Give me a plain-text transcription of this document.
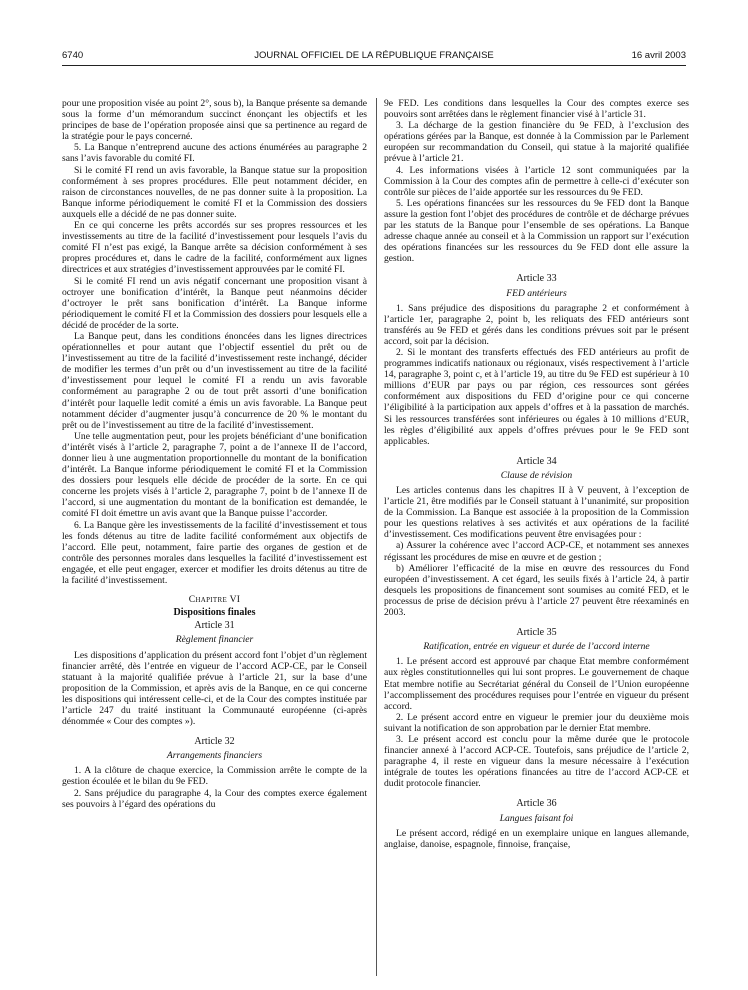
6740	JOURNAL OFFICIEL DE LA RÉPUBLIQUE FRANÇAISE	16 avril 2003

pour une proposition visée au point 2°, sous b), la Banque présente sa demande sous la forme d’un mémorandum succinct énonçant les objectifs et les principes de base de l’opération proposée ainsi que sa pertinence au regard de la stratégie pour le pays concerné.

5. La Banque n’entreprend aucune des actions énumérées au paragraphe 2 sans l’avis favorable du comité FI.

Si le comité FI rend un avis favorable, la Banque statue sur la proposition conformément à ses propres procédures. Elle peut notamment décider, en raison de circonstances nouvelles, de ne pas donner suite à la proposition. La Banque informe périodiquement le comité FI et la Commission des dossiers auxquels elle a décidé de ne pas donner suite.

En ce qui concerne les prêts accordés sur ses propres ressources et les investissements au titre de la facilité d’investissement pour lesquels l’avis du comité FI n’est pas exigé, la Banque arrête sa décision conformément à ses propres procédures et, dans le cadre de la facilité, conformément aux lignes directrices et aux stratégies d’investissement approuvées par le comité FI.

Si le comité FI rend un avis négatif concernant une proposition visant à octroyer une bonification d’intérêt, la Banque peut néanmoins décider d’octroyer le prêt sans bonification d’intérêt. La Banque informe périodiquement le comité FI et la Commission des dossiers pour lesquels elle a décidé de procéder de la sorte.

La Banque peut, dans les conditions énoncées dans les lignes directrices opérationnelles et pour autant que l’objectif essentiel du prêt ou de l’investissement au titre de la facilité d’investissement reste inchangé, décider de modifier les termes d’un prêt ou d’un investissement au titre de la facilité d’investissement pour lequel le comité FI a rendu un avis favorable conformément au paragraphe 2 ou de tout prêt assorti d’une bonification d’intérêt pour laquelle ledit comité a émis un avis favorable. La Banque peut notamment décider d’augmenter jusqu’à concurrence de 20 % le montant du prêt ou de l’investissement au titre de la facilité d’investissement.

Une telle augmentation peut, pour les projets bénéficiant d’une bonification d’intérêt visés à l’article 2, paragraphe 7, point a de l’annexe II de l’accord, donner lieu à une augmentation proportionnelle du montant de la bonification d’intérêt. La Banque informe périodiquement le comité FI et la Commission des dossiers pour lesquels elle décide de procéder de la sorte. En ce qui concerne les projets visés à l’article 2, paragraphe 7, point b de l’annexe II de l’accord, si une augmentation du montant de la bonification est demandée, le comité FI doit émettre un avis avant que la Banque puisse l’accorder.

6. La Banque gère les investissements de la facilité d’investissement et tous les fonds détenus au titre de ladite facilité conformément aux objectifs de l’accord. Elle peut, notamment, faire partie des organes de gestion et de contrôle des personnes morales dans lesquelles la facilité d’investissement est engagée, et elle peut engager, exercer et modifier les droits détenus au titre de la facilité d’investissement.

Chapitre VI

Dispositions finales

Article 31

Règlement financier

Les dispositions d’application du présent accord font l’objet d’un règlement financier arrêté, dès l’entrée en vigueur de l’accord ACP-CE, par le Conseil statuant à la majorité qualifiée prévue à l’article 21, sur la base d’une proposition de la Commission, et après avis de la Banque, en ce qui concerne les dispositions qui intéressent celle-ci, et de la Cour des comptes instituée par l’article 247 du traité instituant la Communauté européenne (ci-après dénommée « Cour des comptes »).

Article 32

Arrangements financiers

1. A la clôture de chaque exercice, la Commission arrête le compte de la gestion écoulée et le bilan du 9e FED.

2. Sans préjudice du paragraphe 4, la Cour des comptes exerce également ses pouvoirs à l’égard des opérations du

9e FED. Les conditions dans lesquelles la Cour des comptes exerce ses pouvoirs sont arrêtées dans le règlement financier visé à l’article 31.

3. La décharge de la gestion financière du 9e FED, à l’exclusion des opérations gérées par la Banque, est donnée à la Commission par le Parlement européen sur recommandation du Conseil, qui statue à la majorité qualifiée prévue à l’article 21.

4. Les informations visées à l’article 12 sont communiquées par la Commission à la Cour des comptes afin de permettre à celle-ci d’exécuter son contrôle sur pièces de l’aide apportée sur les ressources du 9e FED.

5. Les opérations financées sur les ressources du 9e FED dont la Banque assure la gestion font l’objet des procédures de contrôle et de décharge prévues par les statuts de la Banque pour l’ensemble de ses opérations. La Banque adresse chaque année au conseil et à la Commission un rapport sur l’exécution des opérations financées sur les ressources du 9e FED dont elle assure la gestion.

Article 33

FED antérieurs

1. Sans préjudice des dispositions du paragraphe 2 et conformément à l’article 1er, paragraphe 2, point b, les reliquats des FED antérieurs sont transférés au 9e FED et gérés dans les conditions prévues soit par le présent accord, soit par la décision.

2. Si le montant des transferts effectués des FED antérieurs au profit de programmes indicatifs nationaux ou régionaux, visés respectivement à l’article 14, paragraphe 3, point c, et à l’article 19, au titre du 9e FED est supérieur à 10 millions d’EUR par pays ou par région, ces ressources sont gérées conformément aux dispositions du FED d’origine pour ce qui concerne l’éligibilité à la participation aux appels d’offres et à la passation de marchés. Si les ressources transférées sont inférieures ou égales à 10 millions d’EUR, les règles d’éligibilité aux appels d’offres prévues pour le 9e FED sont applicables.

Article 34

Clause de révision

Les articles contenus dans les chapitres II à V peuvent, à l’exception de l’article 21, être modifiés par le Conseil statuant à l’unanimité, sur proposition de la Commission. La Banque est associée à la proposition de la Commission pour les questions relatives à ses activités et aux opérations de la facilité d’investissement. Ces modifications peuvent être envisagées pour :

a) Assurer la cohérence avec l’accord ACP-CE, et notamment ses annexes régissant les procédures de mise en œuvre et de gestion ;

b) Améliorer l’efficacité de la mise en œuvre des ressources du Fond européen d’investissement. A cet égard, les seuils fixés à l’article 24, à partir desquels les propositions de financement sont soumises au comité FED, et le processus de prise de décision prévu à l’article 27 peuvent être réexaminés en 2003.

Article 35

Ratification, entrée en vigueur et durée de l’accord interne

1. Le présent accord est approuvé par chaque Etat membre conformément aux règles constitutionnelles qui lui sont propres. Le gouvernement de chaque Etat membre notifie au Secrétariat général du Conseil de l’Union européenne l’accomplissement des procédures requises pour l’entrée en vigueur du présent accord.

2. Le présent accord entre en vigueur le premier jour du deuxième mois suivant la notification de son approbation par le dernier Etat membre.

3. Le présent accord est conclu pour la même durée que le protocole financier annexé à l’accord ACP-CE. Toutefois, sans préjudice de l’article 2, paragraphe 4, il reste en vigueur dans la mesure nécessaire à l’exécution intégrale de toutes les opérations financées au titre de l’accord ACP-CE et dudit protocole financier.

Article 36

Langues faisant foi

Le présent accord, rédigé en un exemplaire unique en langues allemande, anglaise, danoise, espagnole, finnoise, française,
